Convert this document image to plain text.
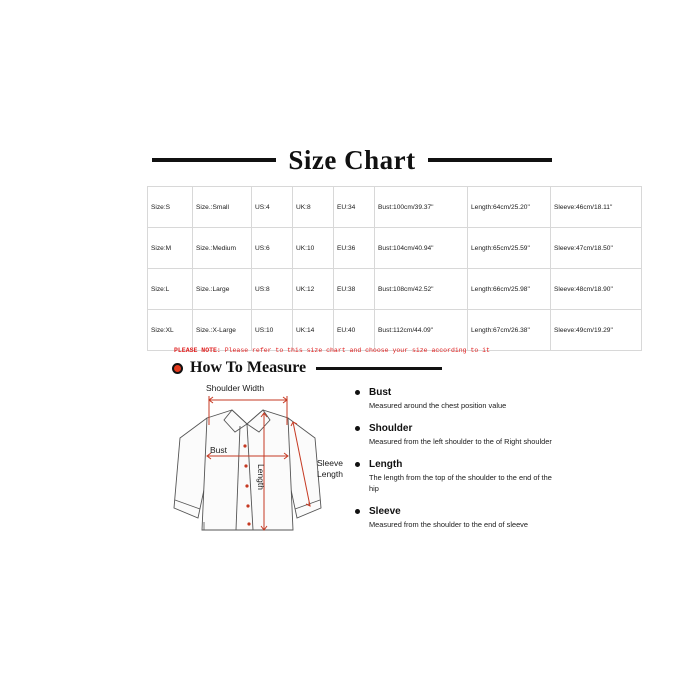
Size Chart
Size:S	Size.:Small	US:4	UK:8	EU:34	Bust:100cm/39.37"	Length:64cm/25.20"	Sleeve:46cm/18.11"
Size:M	Size.:Medium	US:6	UK:10	EU:36	Bust:104cm/40.94"	Length:65cm/25.59"	Sleeve:47cm/18.50"
Size:L	Size.:Large	US:8	UK:12	EU:38	Bust:108cm/42.52"	Length:66cm/25.98"	Sleeve:48cm/18.90"
Size:XL	Size.:X-Large	US:10	UK:14	EU:40	Bust:112cm/44.09"	Length:67cm/26.38"	Sleeve:49cm/19.29"
PLEASE NOTE: Please refer to this size chart and choose your size according to it
How To Measure
Shoulder Width
Bust
Sleeve Length
Length
Bust
Measured around the chest position value
Shoulder
Measured from the left shoulder to the of Right shoulder
Length
The length from the top of the shoulder to the end of the hip
Sleeve
Measured from the shoulder to the end of sleeve
